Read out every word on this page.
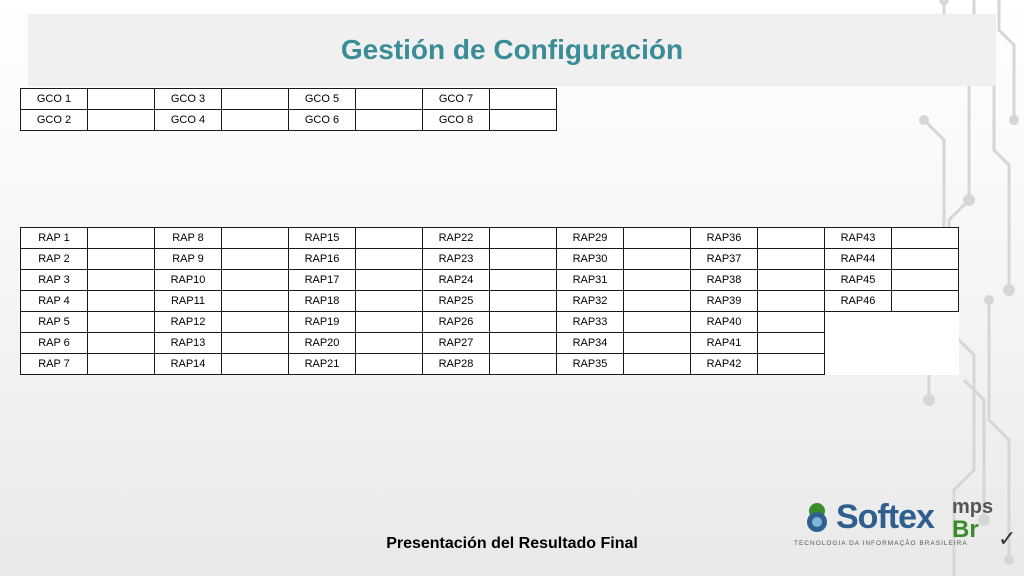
Gestión de Configuración
GCO 1		GCO 3		GCO 5		GCO 7	
GCO 2		GCO 4		GCO 6		GCO 8	
RAP 1		RAP 8		RAP15		RAP22		RAP29		RAP36		RAP43	
RAP 2		RAP 9		RAP16		RAP23		RAP30		RAP37		RAP44	
RAP 3		RAP10		RAP17		RAP24		RAP31		RAP38		RAP45	
RAP 4		RAP11		RAP18		RAP25		RAP32		RAP39		RAP46	
RAP 5		RAP12		RAP19		RAP26		RAP33		RAP40			
RAP 6		RAP13		RAP20		RAP27		RAP34		RAP41			
RAP 7		RAP14		RAP21		RAP28		RAP35		RAP42			
Presentación del Resultado Final
Softex mps
Br ✓
TECNOLOGIA DA INFORMAÇÃO BRASILEIRA
